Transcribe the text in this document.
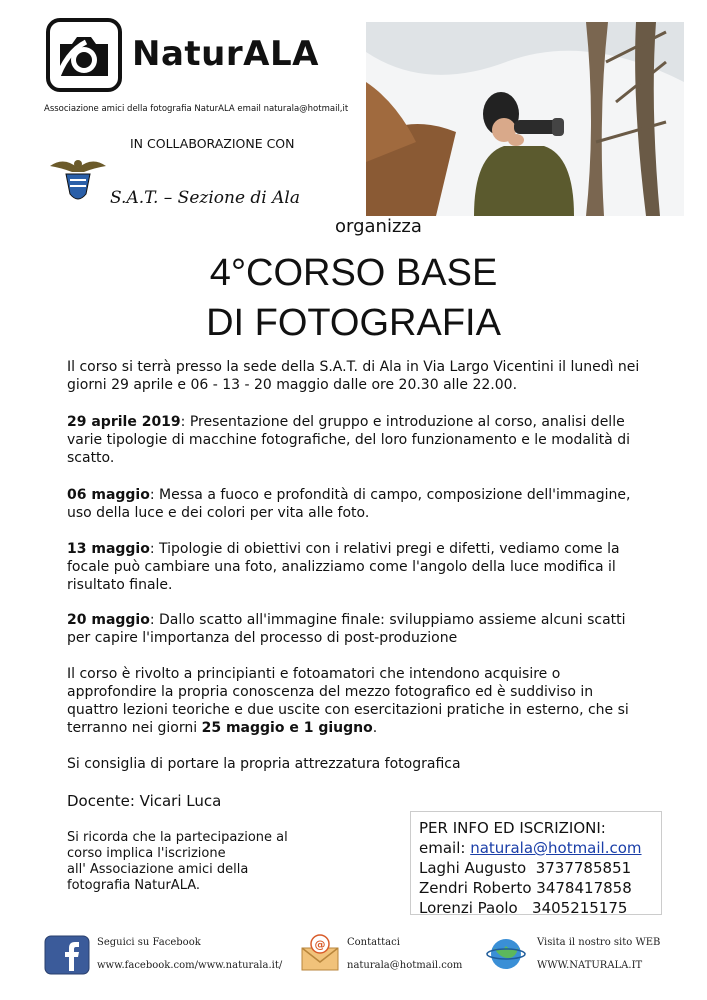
NaturALA
Associazione amici della fotografia NaturALA email naturala@hotmail,it
IN COLLABORAZIONE CON
S.A.T. – Sezione di Ala
organizza
4°CORSO BASE
DI FOTOGRAFIA
Il corso si terrà presso la sede della S.A.T. di Ala in Via Largo Vicentini il lunedì nei giorni 29 aprile e 06 - 13 - 20 maggio dalle ore 20.30 alle 22.00.
29 aprile 2019: Presentazione del gruppo e introduzione al corso, analisi delle varie tipologie di macchine fotografiche, del loro funzionamento e le modalità di scatto.
06 maggio: Messa a fuoco e profondità di campo, composizione dell'immagine, uso della luce e dei colori per vita alle foto.
13 maggio: Tipologie di obiettivi con i relativi pregi e difetti, vediamo come la focale può cambiare una foto, analizziamo come l'angolo della luce modifica il risultato finale.
20 maggio: Dallo scatto all'immagine finale: sviluppiamo assieme alcuni scatti per capire l'importanza del processo di post-produzione
Il corso è rivolto a principianti e fotoamatori che intendono acquisire o approfondire la propria conoscenza del mezzo fotografico ed è suddiviso in quattro lezioni teoriche e due uscite con esercitazioni pratiche in esterno, che si terranno nei giorni 25 maggio e 1 giugno.
Si consiglia di portare la propria attrezzatura fotografica
Docente: Vicari Luca
Si ricorda che la partecipazione al
corso implica l'iscrizione
all' Associazione amici della
fotografia NaturALA.
PER INFO ED ISCRIZIONI:
email: naturala@hotmail.com
Laghi Augusto  3737785851
Zendri Roberto 3478417858
Lorenzi Paolo   3405215175
Seguici su Facebook
www.facebook.com/www.naturala.it/
@ Contattaci
naturala@hotmail.com
Visita il nostro sito WEB
WWW.NATURALA.IT
